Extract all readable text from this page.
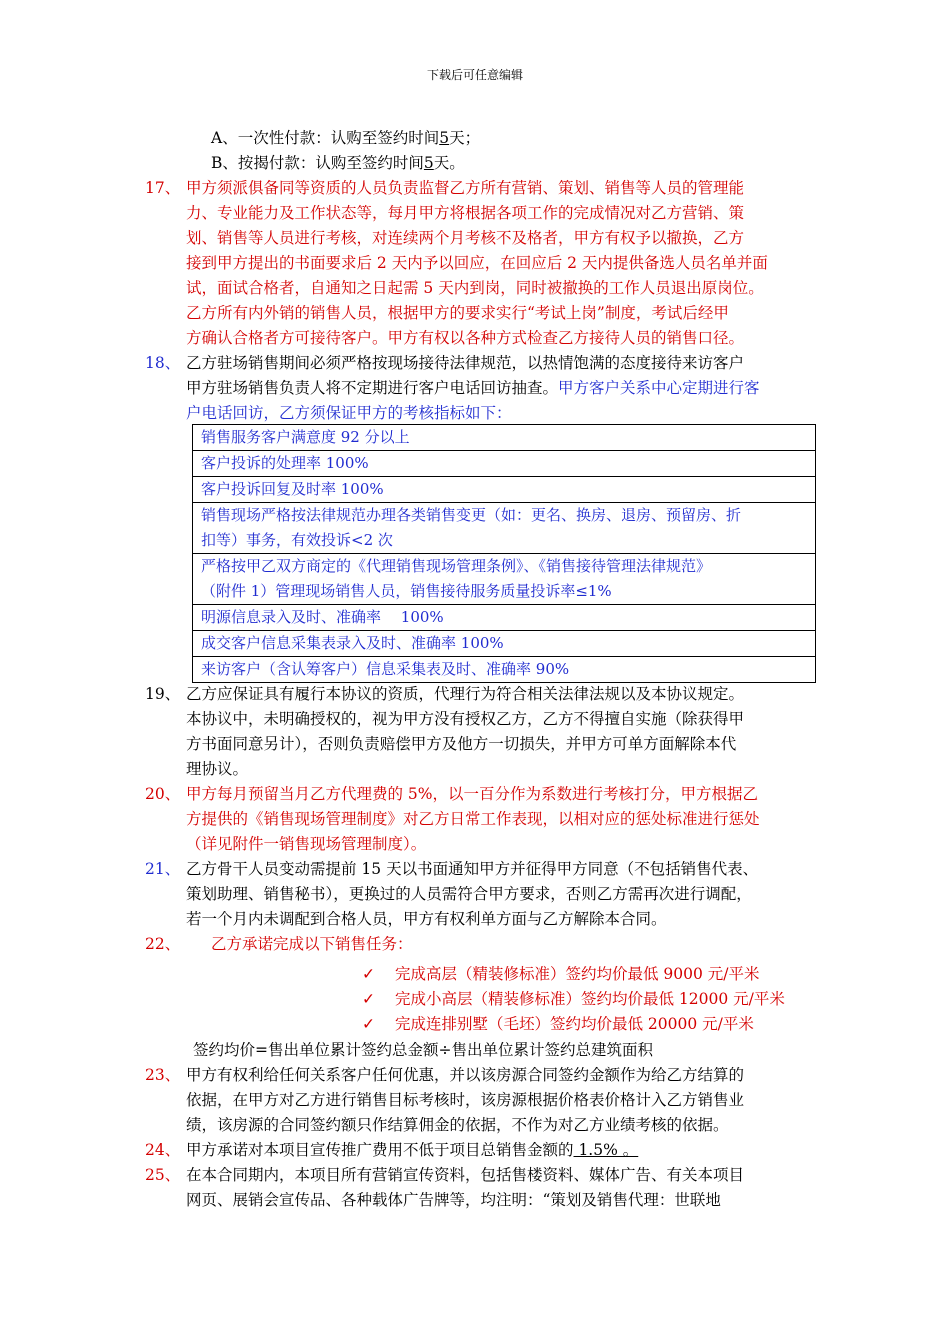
下载后可任意编辑
A、一次性付款：认购至签约时间5天；
B、按揭付款：认购至签约时间5天。
17、 甲方须派俱备同等资质的人员负责监督乙方所有营销、策划、销售等人员的管理能
力、专业能力及工作状态等，每月甲方将根据各项工作的完成情况对乙方营销、策
划、销售等人员进行考核，对连续两个月考核不及格者，甲方有权予以撤换，乙方
接到甲方提出的书面要求后 2 天内予以回应，在回应后 2 天内提供备选人员名单并面
试，面试合格者，自通知之日起需 5 天内到岗，同时被撤换的工作人员退出原岗位。
乙方所有内外销的销售人员，根据甲方的要求实行“考试上岗”制度，考试后经甲
方确认合格者方可接待客户。甲方有权以各种方式检查乙方接待人员的销售口径。
18、 乙方驻场销售期间必须严格按现场接待法律规范，以热情饱满的态度接待来访客户
甲方驻场销售负责人将不定期进行客户电话回访抽查。甲方客户关系中心定期进行客
户电话回访，乙方须保证甲方的考核指标如下：
销售服务客户满意度 92 分以上

客户投诉的处理率 100%

客户投诉回复及时率 100%

销售现场严格按法律规范办理各类销售变更（如：更名、换房、退房、预留房、折
扣等）事务，有效投诉<2 次

严格按甲乙双方商定的《代理销售现场管理条例》、《销售接待管理法律规范》
（附件 1）管理现场销售人员，销售接待服务质量投诉率≤1%

明源信息录入及时、准确率　 100%

成交客户信息采集表录入及时、准确率 100%

来访客户（含认筹客户）信息采集表及时、准确率 90%
19、 乙方应保证具有履行本协议的资质，代理行为符合相关法律法规以及本协议规定。
本协议中，未明确授权的，视为甲方没有授权乙方，乙方不得擅自实施（除获得甲
方书面同意另计），否则负责赔偿甲方及他方一切损失，并甲方可单方面解除本代
理协议。
20、 甲方每月预留当月乙方代理费的 5%，以一百分作为系数进行考核打分，甲方根据乙
方提供的《销售现场管理制度》对乙方日常工作表现，以相对应的惩处标准进行惩处
（详见附件一销售现场管理制度）。
21、 乙方骨干人员变动需提前 15 天以书面通知甲方并征得甲方同意（不包括销售代表、
策划助理、销售秘书），更换过的人员需符合甲方要求，否则乙方需再次进行调配，
若一个月内未调配到合格人员，甲方有权利单方面与乙方解除本合同。
22、 乙方承诺完成以下销售任务：
✓ 完成高层（精装修标准）签约均价最低 9000 元/平米
✓ 完成小高层（精装修标准）签约均价最低 12000 元/平米
✓ 完成连排别墅（毛坯）签约均价最低 20000 元/平米
签约均价=售出单位累计签约总金额÷售出单位累计签约总建筑面积
23、 甲方有权利给任何关系客户任何优惠，并以该房源合同签约金额作为给乙方结算的
依据，在甲方对乙方进行销售目标考核时，该房源根据价格表价格计入乙方销售业
绩，该房源的合同签约额只作结算佣金的依据，不作为对乙方业绩考核的依据。
24、 甲方承诺对本项目宣传推广费用不低于项目总销售金额的 1.5% 。
25、 在本合同期内，本项目所有营销宣传资料，包括售楼资料、媒体广告、有关本项目
网页、展销会宣传品、各种载体广告牌等，均注明：“策划及销售代理：世联地
